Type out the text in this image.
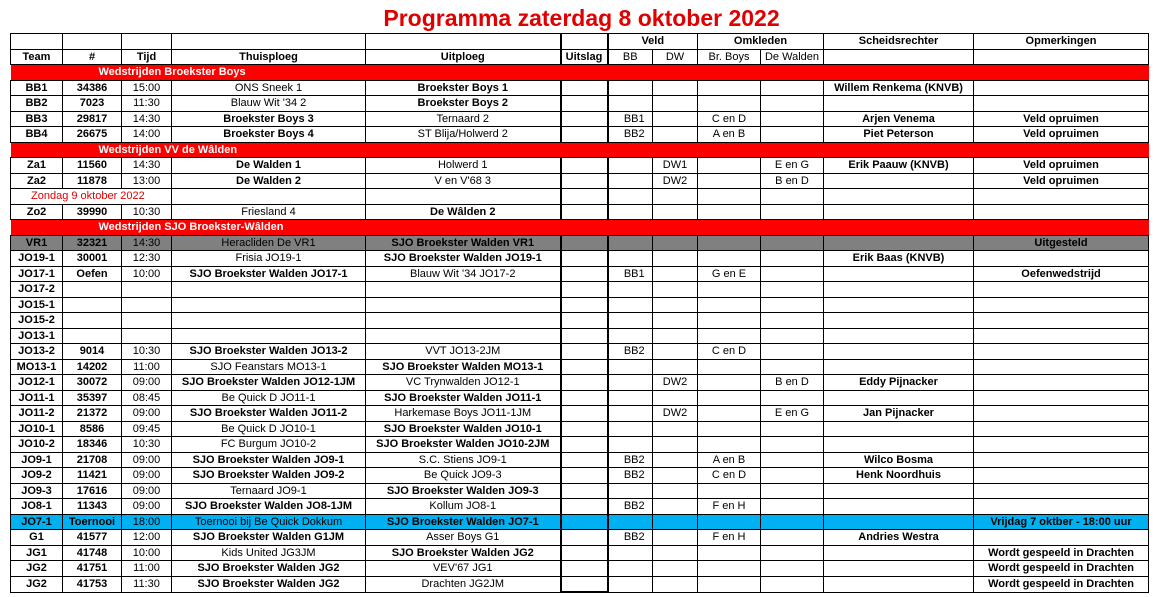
Programma zaterdag 8 oktober 2022
						Veld		Omkleden		Scheidsrechter	Opmerkingen
Team	#	Tijd	Thuisploeg	Uitploeg	Uitslag	BB	DW	Br. Boys	De Walden		
Wedstrijden Broekster Boys											
BB1	34386	15:00	ONS Sneek 1	Broekster Boys 1						Willem Renkema (KNVB)	
BB2	7023	11:30	Blauw Wit '34 2	Broekster Boys 2							
BB3	29817	14:30	Broekster Boys 3	Ternaard 2		BB1		C en D		Arjen Venema	Veld opruimen
BB4	26675	14:00	Broekster Boys 4	ST Blija/Holwerd 2		BB2		A en B		Piet Peterson	Veld opruimen
Wedstrijden VV de Wâlden											
Za1	11560	14:30	De Walden 1	Holwerd 1			DW1		E en G	Erik Paauw (KNVB)	Veld opruimen
Za2	11878	13:00	De Walden 2	V en V'68 3			DW2		B en D		Veld opruimen
Zondag 9 oktober 2022											
Zo2	39990	10:30	Friesland 4	De Wâlden 2							
Wedstrijden SJO Broekster-Wâlden											
VR1	32321	14:30	Heracliden De VR1	SJO Broekster Walden VR1							Uitgesteld
JO19-1	30001	12:30	Frisia JO19-1	SJO Broekster Walden JO19-1						Erik Baas (KNVB)	
JO17-1	Oefen	10:00	SJO Broekster Walden JO17-1	Blauw Wit '34 JO17-2		BB1		G en E			Oefenwedstrijd
JO17-2											
JO15-1											
JO15-2											
JO13-1											
JO13-2	9014	10:30	SJO Broekster Walden JO13-2	VVT JO13-2JM		BB2		C en D			
MO13-1	14202	11:00	SJO Feanstars MO13-1	SJO Broekster Walden MO13-1							
JO12-1	30072	09:00	SJO Broekster Walden JO12-1JM	VC Trynwalden JO12-1			DW2		B en D	Eddy Pijnacker	
JO11-1	35397	08:45	Be Quick D JO11-1	SJO Broekster Walden JO11-1							
JO11-2	21372	09:00	SJO Broekster Walden JO11-2	Harkemase Boys JO11-1JM			DW2		E en G	Jan Pijnacker	
JO10-1	8586	09:45	Be Quick D JO10-1	SJO Broekster Walden JO10-1							
JO10-2	18346	10:30	FC Burgum JO10-2	SJO Broekster Walden JO10-2JM							
JO9-1	21708	09:00	SJO Broekster Walden JO9-1	S.C. Stiens JO9-1		BB2		A en B		Wilco Bosma	
JO9-2	11421	09:00	SJO Broekster Walden JO9-2	Be Quick JO9-3		BB2		C en D		Henk Noordhuis	
JO9-3	17616	09:00	Ternaard JO9-1	SJO Broekster Walden JO9-3							
JO8-1	11343	09:00	SJO Broekster Walden JO8-1JM	Kollum JO8-1		BB2		F en H			
JO7-1	Toernooi	18:00	Toernooi bij Be Quick Dokkum	SJO Broekster Walden JO7-1							Vrijdag 7 oktber - 18:00 uur
G1	41577	12:00	SJO Broekster Walden G1JM	Asser Boys G1		BB2		F en H		Andries Westra	
JG1	41748	10:00	Kids United JG3JM	SJO Broekster Walden JG2							Wordt gespeeld in Drachten
JG2	41751	11:00	SJO Broekster Walden JG2	VEV'67 JG1							Wordt gespeeld in Drachten
JG2	41753	11:30	SJO Broekster Walden JG2	Drachten JG2JM							Wordt gespeeld in Drachten
